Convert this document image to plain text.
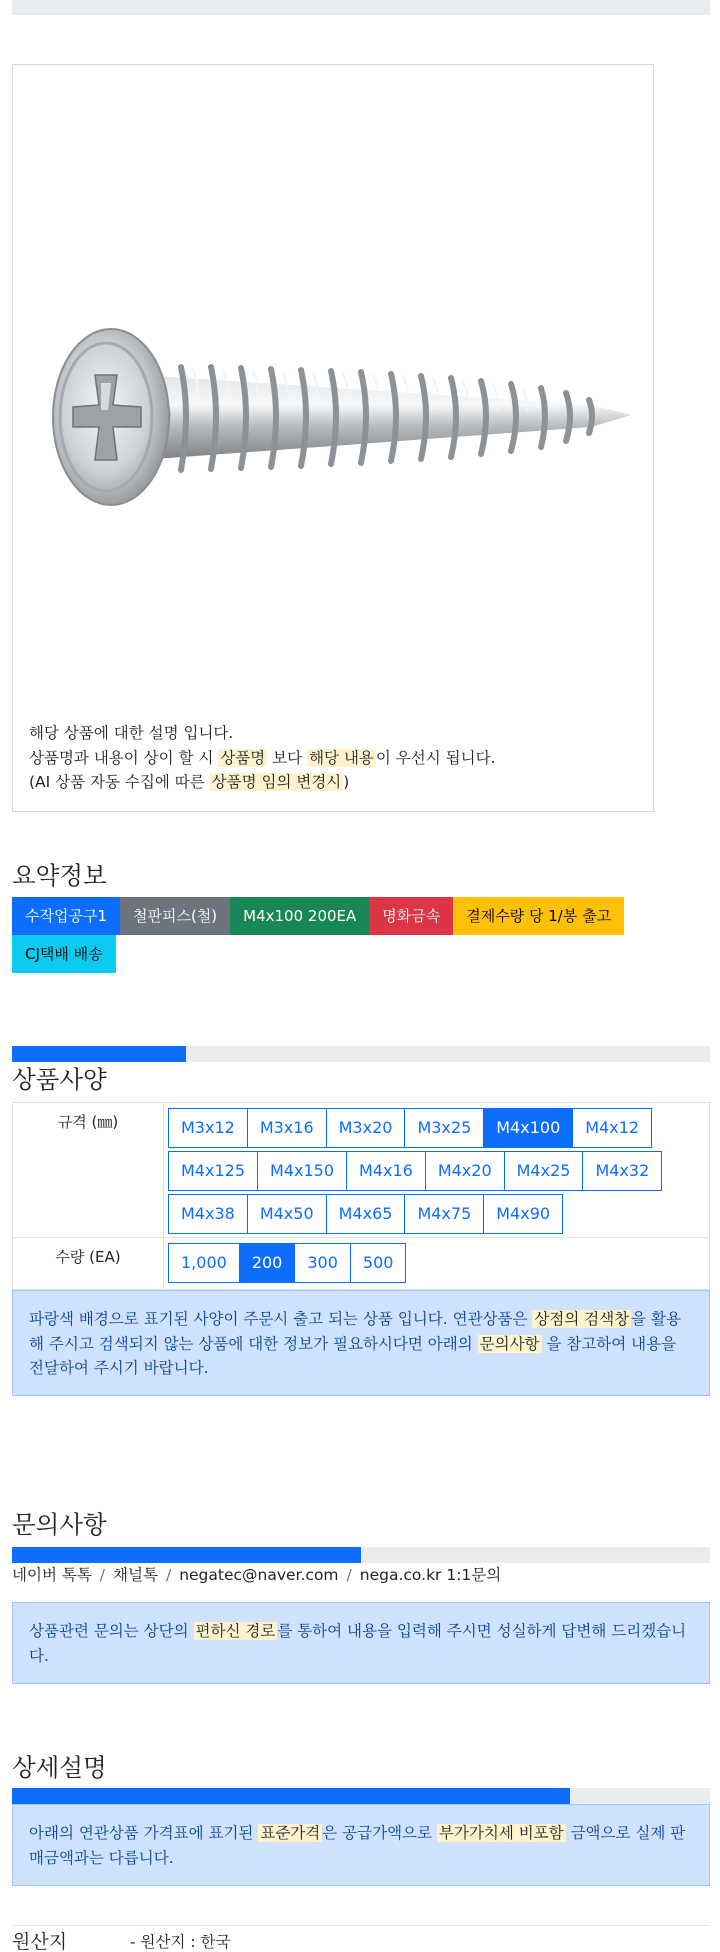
해당 상품에 대한 설명 입니다.
상품명과 내용이 상이 할 시 상품명 보다 해당 내용 이 우선시 됩니다.
(AI 상품 자동 수집에 따른 상품명 임의 변경시 )
요약정보
수작업공구1	철판피스(철)	M4x100 200EA	명화금속	결제수량 당 1/봉 출고
CJ택배 배송
상품사양
규격 (㎜)	M3x12	M3x16	M3x20	M3x25	M4x100	M4x12
M4x125	M4x150	M4x16	M4x20	M4x25	M4x32
M4x38	M4x50	M4x65	M4x75	M4x90
수량 (EA)	1,000	200	300	500
파랑색 배경으로 표기된 사양이 주문시 출고 되는 상품 입니다. 연관상품은 상점의 검색창 을 활용해 주시고 검색되지 않는 상품에 대한 정보가 필요하시다면 아래의 문의사항 을 참고하여 내용을 전달하여 주시기 바랍니다.
문의사항
네이버 톡톡 / 채널톡 / negatec@naver.com / nega.co.kr 1:1문의
상품관련 문의는 상단의 편하신 경로 를 통하여 내용을 입력해 주시면 성실하게 답변해 드리겠습니다.
상세설명
아래의 연관상품 가격표에 표기된 표준가격 은 공급가액으로 부가가치세 비포함 금액으로 실제 판매금액과는 다릅니다.
원산지	- 원산지 : 한국
